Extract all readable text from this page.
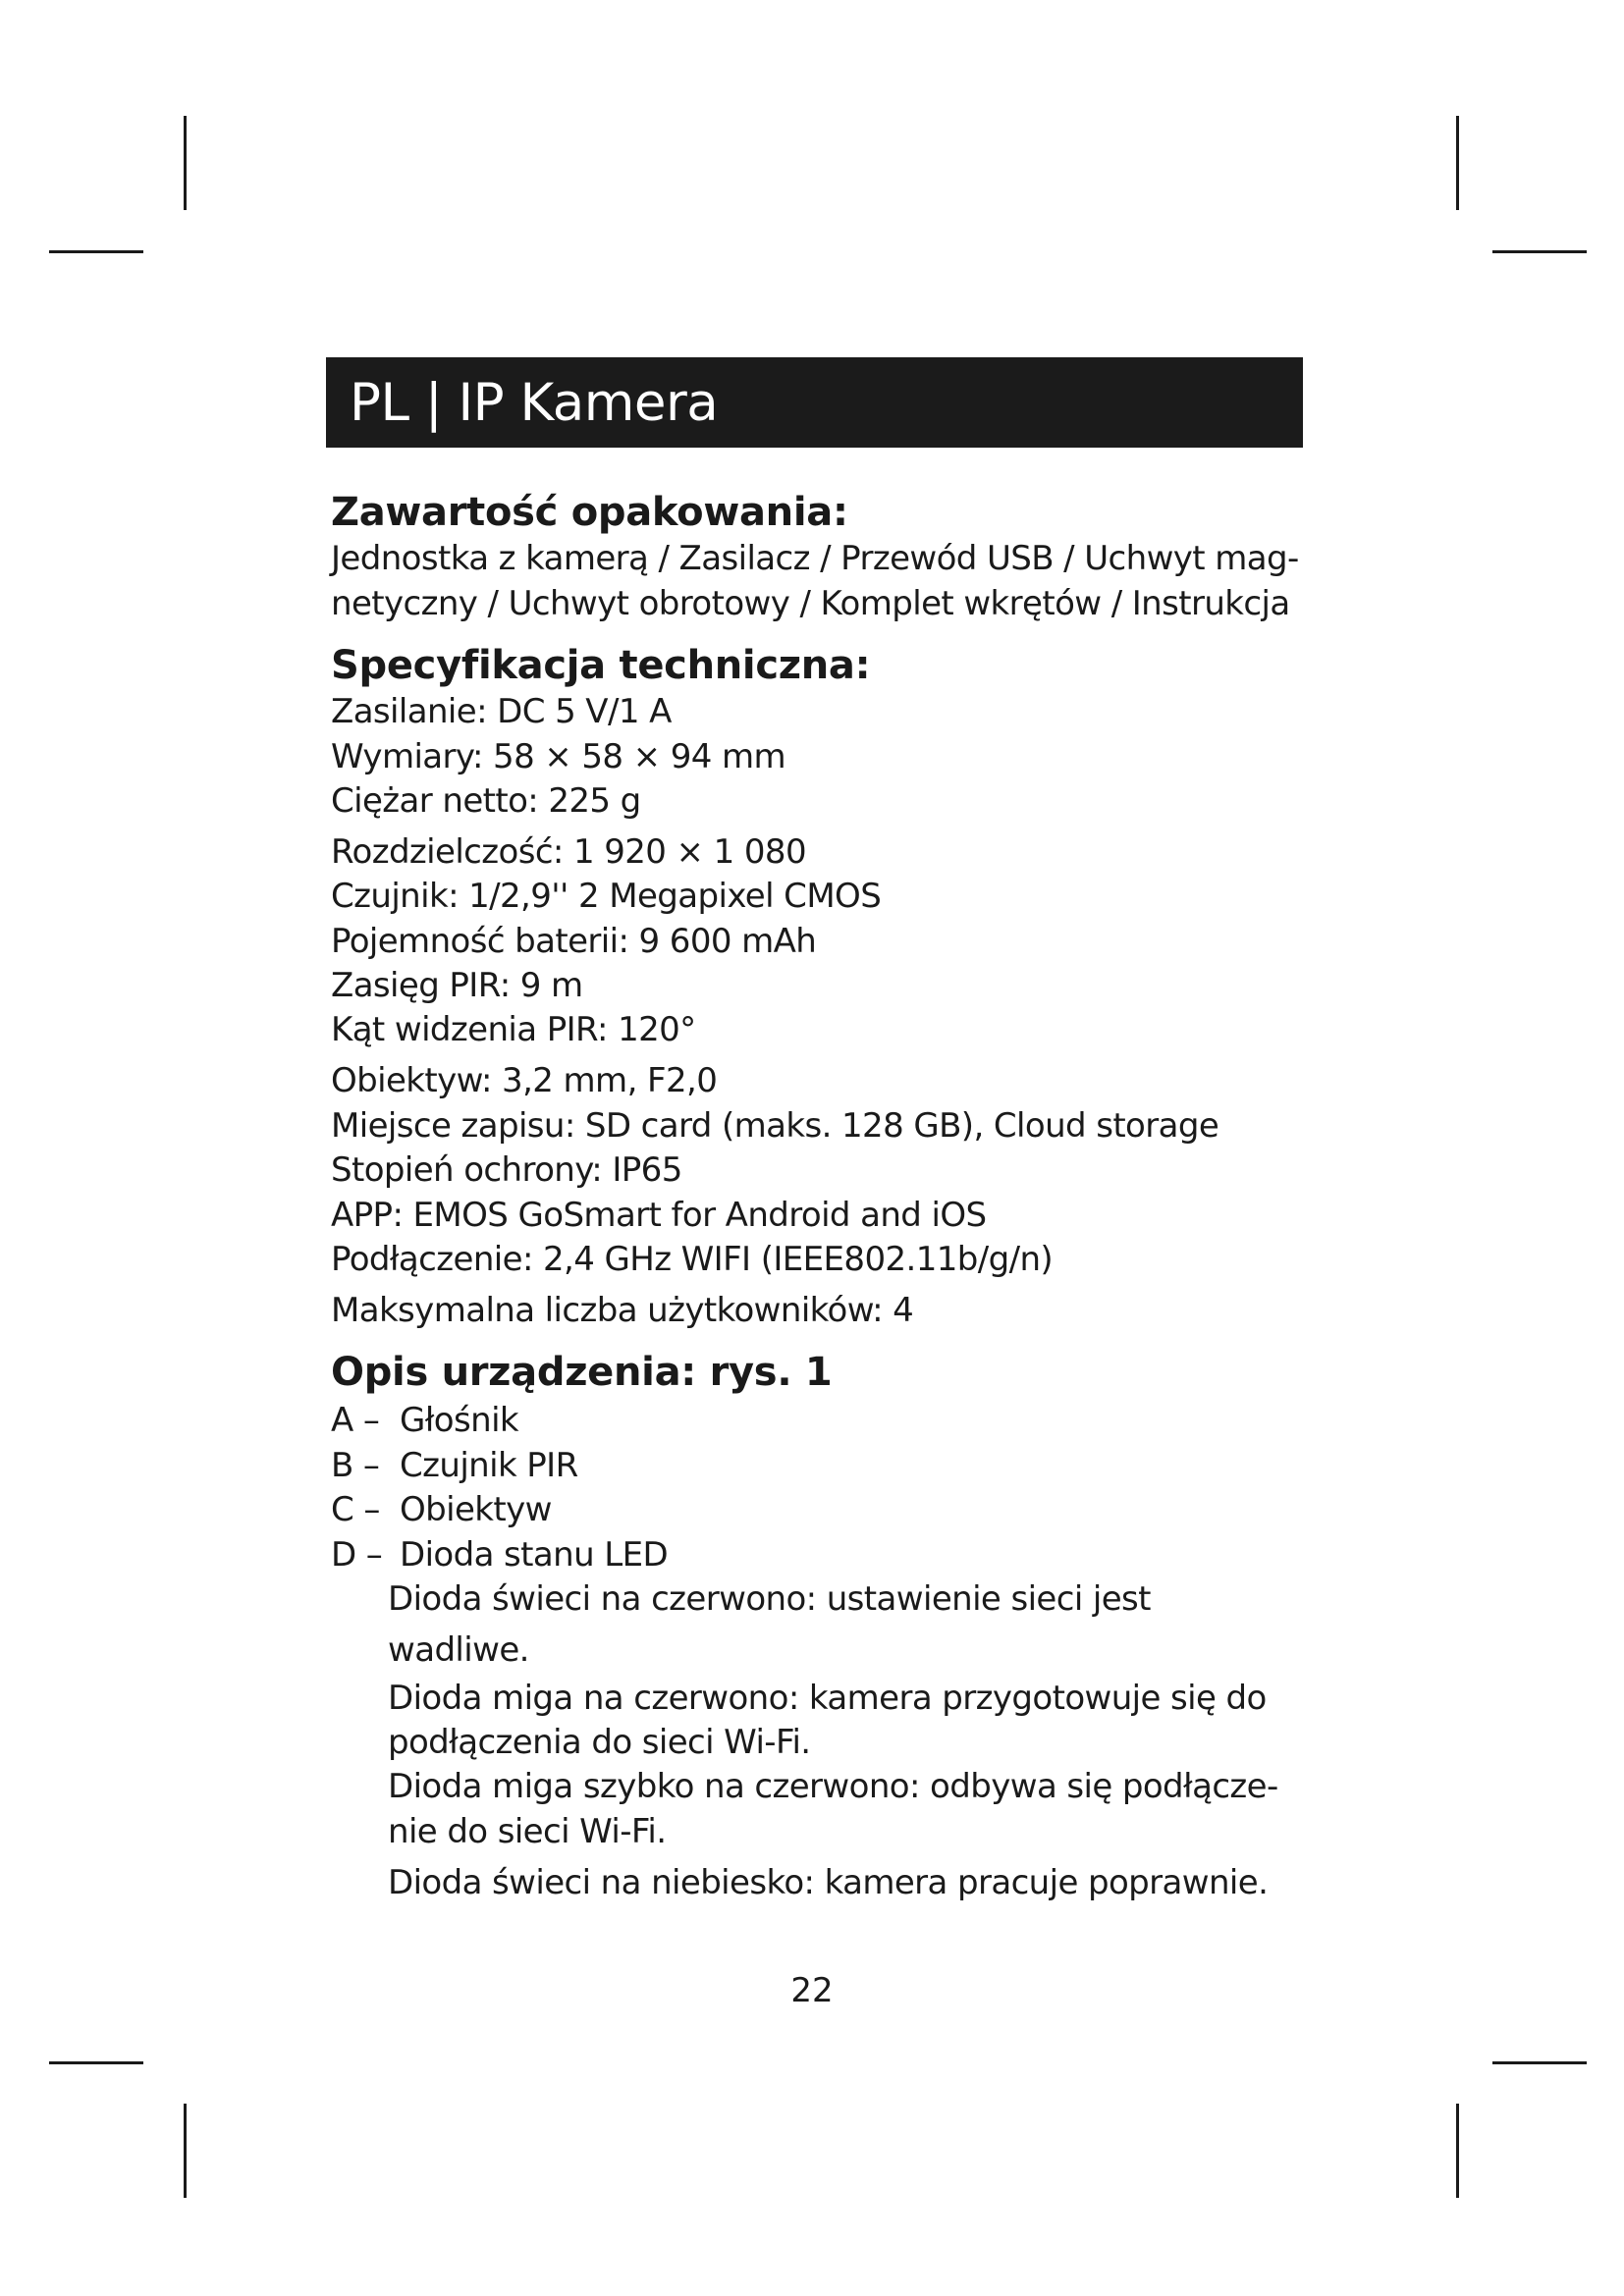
PL | IP Kamera
Zawartość opakowania:
Jednostka z kamerą / Zasilacz / Przewód USB / Uchwyt mag-
netyczny / Uchwyt obrotowy / Komplet wkrętów / Instrukcja
Specyfikacja techniczna:
Zasilanie: DC 5 V/1 A
Wymiary: 58 × 58 × 94 mm
Ciężar netto: 225 g
Rozdzielczość: 1 920 × 1 080
Czujnik: 1/2,9'' 2 Megapixel CMOS
Pojemność baterii: 9 600 mAh
Zasięg PIR: 9 m
Kąt widzenia PIR: 120°
Obiektyw: 3,2 mm, F2,0
Miejsce zapisu: SD card (maks. 128 GB), Cloud storage
Stopień ochrony: IP65
APP: EMOS GoSmart for Android and iOS
Podłączenie: 2,4 GHz WIFI (IEEE802.11b/g/n)
Maksymalna liczba użytkowników: 4
Opis urządzenia: rys. 1
A – Głośnik
B – Czujnik PIR
C – Obiektyw
D – Dioda stanu LED
Dioda świeci na czerwono: ustawienie sieci jest
wadliwe.
Dioda miga na czerwono: kamera przygotowuje się do
podłączenia do sieci Wi-Fi.
Dioda miga szybko na czerwono: odbywa się podłącze-
nie do sieci Wi-Fi.
Dioda świeci na niebiesko: kamera pracuje poprawnie.
22
